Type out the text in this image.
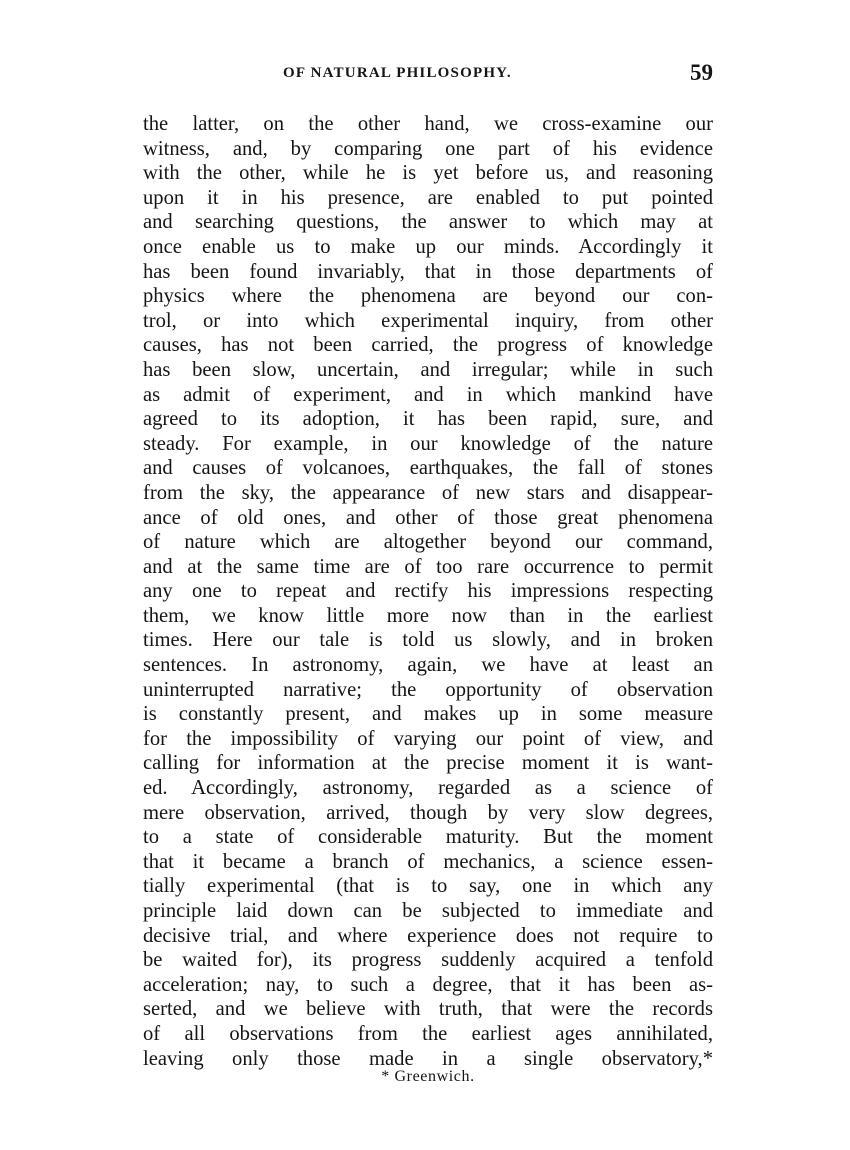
OF NATURAL PHILOSOPHY.	59
the latter, on the other hand, we cross-examine our
witness, and, by comparing one part of his evidence
with the other, while he is yet before us, and reasoning
upon it in his presence, are enabled to put pointed
and searching questions, the answer to which may at
once enable us to make up our minds. Accordingly it
has been found invariably, that in those departments of
physics where the phenomena are beyond our con-
trol, or into which experimental inquiry, from other
causes, has not been carried, the progress of knowledge
has been slow, uncertain, and irregular; while in such
as admit of experiment, and in which mankind have
agreed to its adoption, it has been rapid, sure, and
steady. For example, in our knowledge of the nature
and causes of volcanoes, earthquakes, the fall of stones
from the sky, the appearance of new stars and disappear-
ance of old ones, and other of those great phenomena
of nature which are altogether beyond our command,
and at the same time are of too rare occurrence to permit
any one to repeat and rectify his impressions respecting
them, we know little more now than in the earliest
times. Here our tale is told us slowly, and in broken
sentences. In astronomy, again, we have at least an
uninterrupted narrative; the opportunity of observation
is constantly present, and makes up in some measure
for the impossibility of varying our point of view, and
calling for information at the precise moment it is want-
ed. Accordingly, astronomy, regarded as a science of
mere observation, arrived, though by very slow degrees,
to a state of considerable maturity. But the moment
that it became a branch of mechanics, a science essen-
tially experimental (that is to say, one in which any
principle laid down can be subjected to immediate and
decisive trial, and where experience does not require to
be waited for), its progress suddenly acquired a tenfold
acceleration; nay, to such a degree, that it has been as-
serted, and we believe with truth, that were the records
of all observations from the earliest ages annihilated,
leaving only those made in a single observatory,*
* Greenwich.
